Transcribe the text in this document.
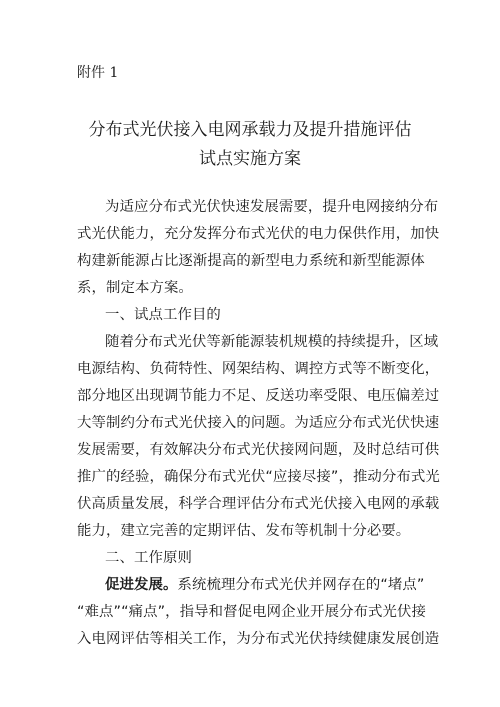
附件 1
分布式光伏接入电网承载力及提升措施评估
试点实施方案
为适应分布式光伏快速发展需要，提升电网接纳分布
式光伏能力，充分发挥分布式光伏的电力保供作用，加快
构建新能源占比逐渐提高的新型电力系统和新型能源体
系，制定本方案。
一、试点工作目的
随着分布式光伏等新能源装机规模的持续提升，区域
电源结构、负荷特性、网架结构、调控方式等不断变化，
部分地区出现调节能力不足、反送功率受限、电压偏差过
大等制约分布式光伏接入的问题。为适应分布式光伏快速
发展需要，有效解决分布式光伏接网问题，及时总结可供
推广的经验，确保分布式光伏“应接尽接”，推动分布式光
伏高质量发展，科学合理评估分布式光伏接入电网的承载
能力，建立完善的定期评估、发布等机制十分必要。
二、工作原则
促进发展。系统梳理分布式光伏并网存在的“堵点”
“难点”“痛点”，指导和督促电网企业开展分布式光伏接
入电网评估等相关工作，为分布式光伏持续健康发展创造
